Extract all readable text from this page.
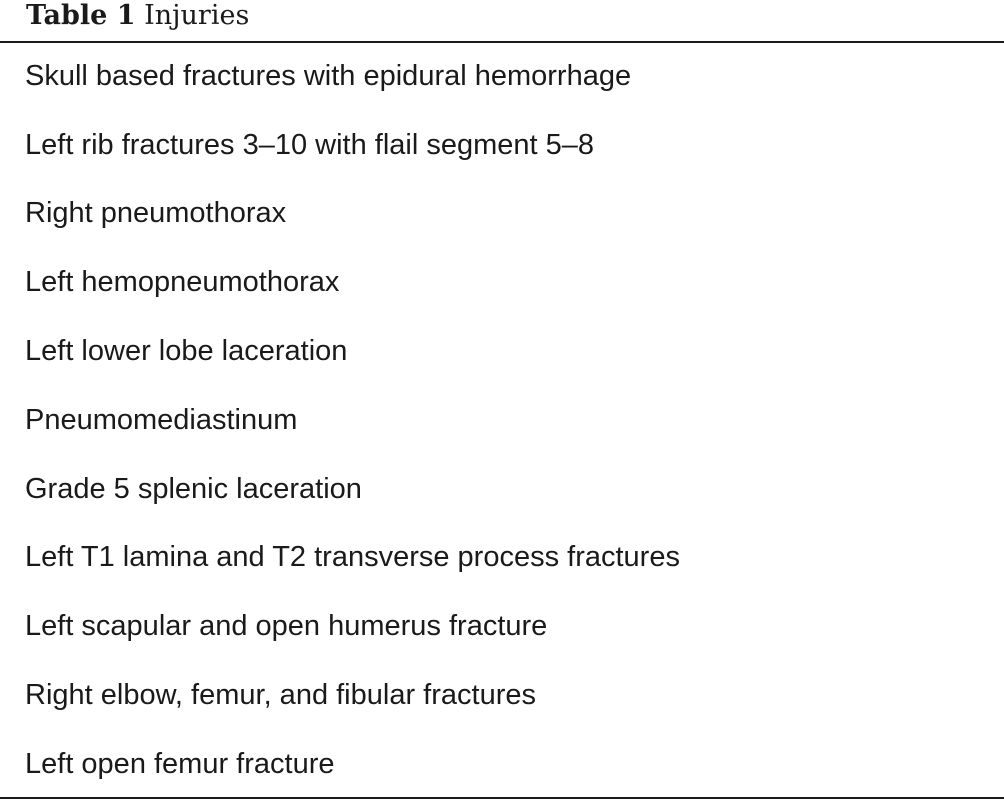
Table 1 Injuries
Skull based fractures with epidural hemorrhage
Left rib fractures 3–10 with flail segment 5–8
Right pneumothorax
Left hemopneumothorax
Left lower lobe laceration
Pneumomediastinum
Grade 5 splenic laceration
Left T1 lamina and T2 transverse process fractures
Left scapular and open humerus fracture
Right elbow, femur, and fibular fractures
Left open femur fracture
